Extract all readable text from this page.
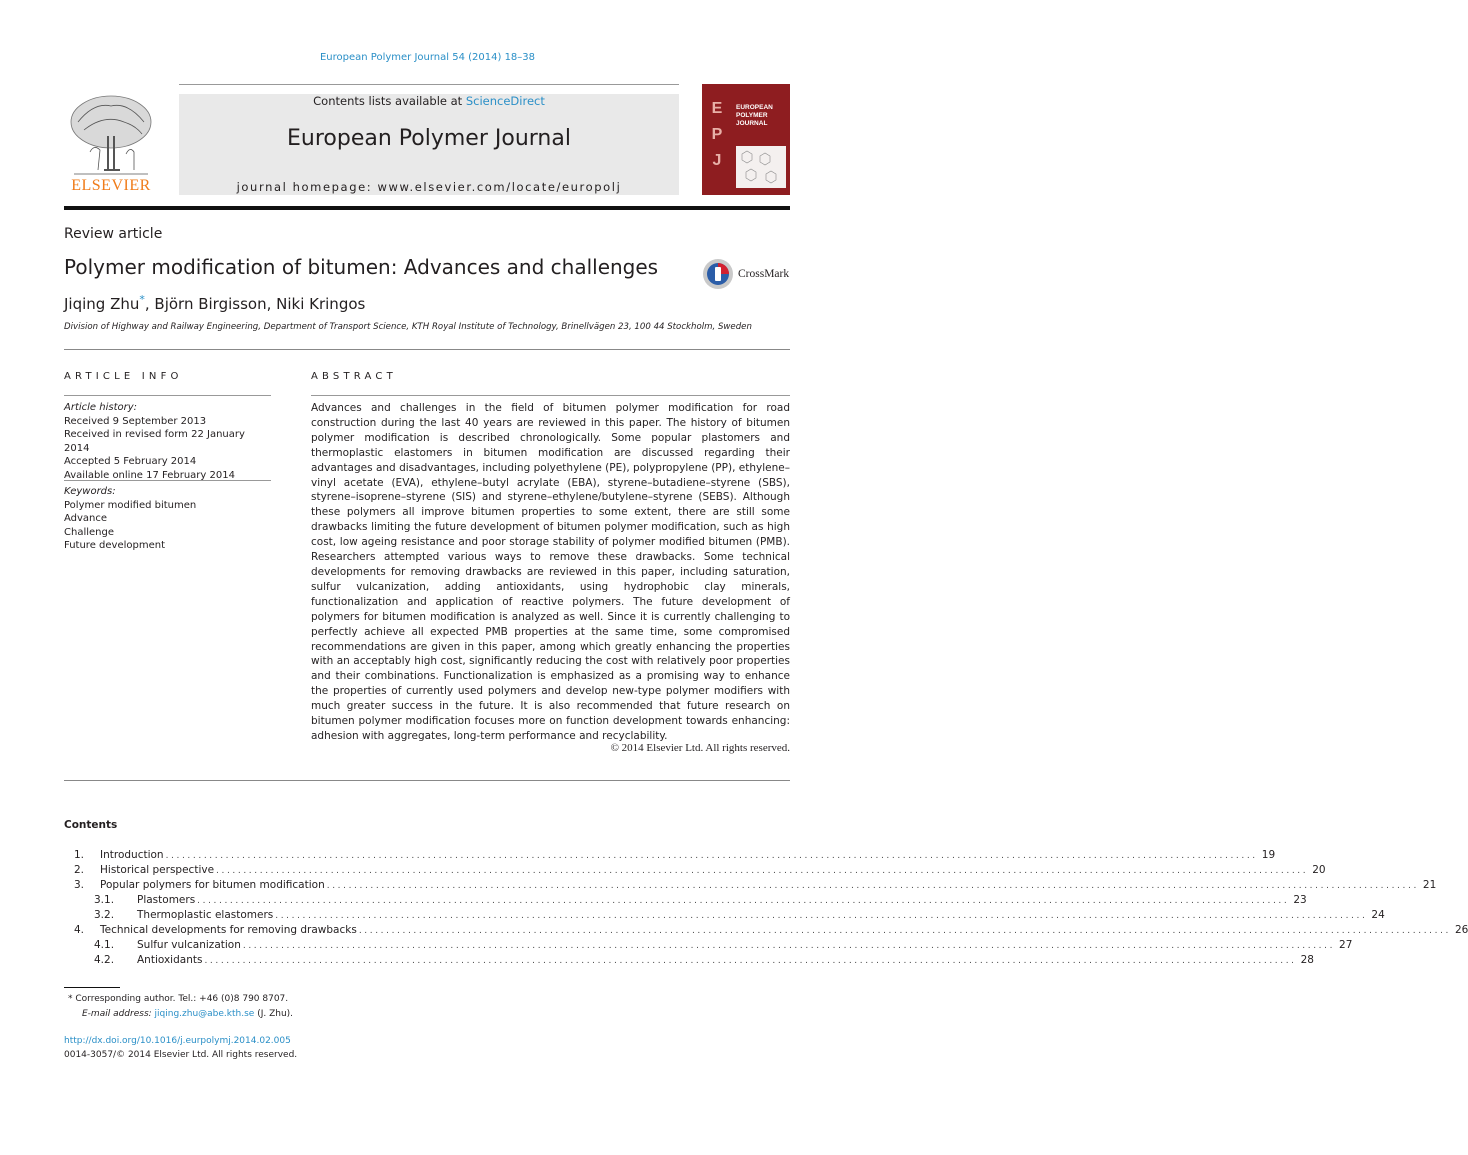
European Polymer Journal 54 (2014) 18–38
Contents lists available at ScienceDirect
European Polymer Journal
journal homepage: www.elsevier.com/locate/europolj
ELSEVIER
E
P
J
EUROPEAN
POLYMER
JOURNAL
Review article
Polymer modification of bitumen: Advances and challenges	CrossMark
Jiqing Zhu*, Björn Birgisson, Niki Kringos
Division of Highway and Railway Engineering, Department of Transport Science, KTH Royal Institute of Technology, Brinellvägen 23, 100 44 Stockholm, Sweden
ARTICLE INFO
Article history:
Received 9 September 2013
Received in revised form 22 January 2014
Accepted 5 February 2014
Available online 17 February 2014
Keywords:
Polymer modified bitumen
Advance
Challenge
Future development
ABSTRACT
Advances and challenges in the field of bitumen polymer modification for road construction during the last 40 years are reviewed in this paper. The history of bitumen polymer modification is described chronologically. Some popular plastomers and thermoplastic elastomers in bitumen modification are discussed regarding their advantages and disadvantages, including polyethylene (PE), polypropylene (PP), ethylene–vinyl acetate (EVA), ethylene–butyl acrylate (EBA), styrene–butadiene–styrene (SBS), styrene–isoprene–styrene (SIS) and styrene–ethylene/butylene–styrene (SEBS). Although these polymers all improve bitumen properties to some extent, there are still some drawbacks limiting the future development of bitumen polymer modification, such as high cost, low ageing resistance and poor storage stability of polymer modified bitumen (PMB). Researchers attempted various ways to remove these drawbacks. Some technical developments for removing drawbacks are reviewed in this paper, including saturation, sulfur vulcanization, adding antioxidants, using hydrophobic clay minerals, functionalization and application of reactive polymers. The future development of polymers for bitumen modification is analyzed as well. Since it is currently challenging to perfectly achieve all expected PMB properties at the same time, some compromised recommendations are given in this paper, among which greatly enhancing the properties with an acceptably high cost, significantly reducing the cost with relatively poor properties and their combinations. Functionalization is emphasized as a promising way to enhance the properties of currently used polymers and develop new-type polymer modifiers with much greater success in the future. It is also recommended that future research on bitumen polymer modification focuses more on function development towards enhancing: adhesion with aggregates, long-term performance and recyclability.
© 2014 Elsevier Ltd. All rights reserved.
Contents
1. Introduction ........................................................................................................................................................................................................ 19
2. Historical perspective ........................................................................................................................................................................................................ 20
3. Popular polymers for bitumen modification ........................................................................................................................................................................................................ 21
3.1.	Plastomers ........................................................................................................................................................................................................ 23
3.2.	Thermoplastic elastomers ........................................................................................................................................................................................................ 24
4. Technical developments for removing drawbacks ........................................................................................................................................................................................................ 26
4.1.	Sulfur vulcanization ........................................................................................................................................................................................................ 27
4.2.	Antioxidants ........................................................................................................................................................................................................ 28
* Corresponding author. Tel.: +46 (0)8 790 8707.
E-mail address: jiqing.zhu@abe.kth.se (J. Zhu).
http://dx.doi.org/10.1016/j.eurpolymj.2014.02.005
0014-3057/© 2014 Elsevier Ltd. All rights reserved.
